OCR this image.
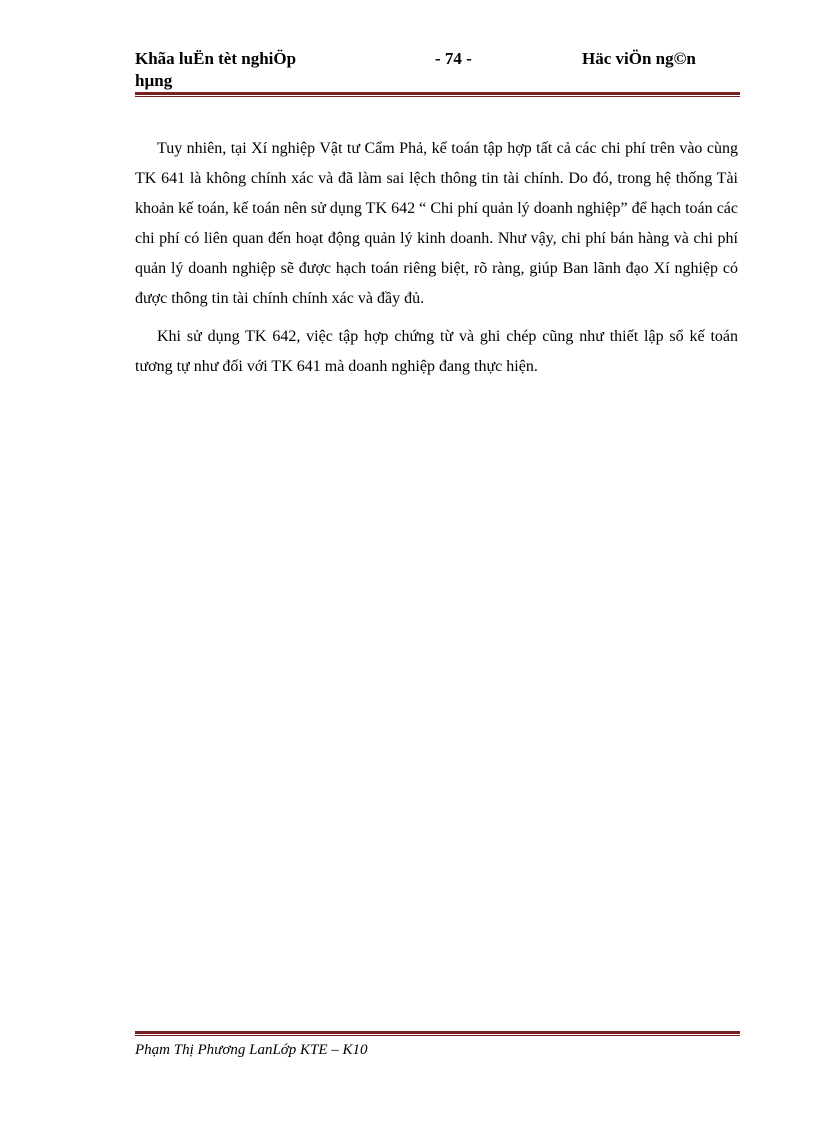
Khãa luËn tèt nghiÖp hµng
- 74 -	Häc viÖn ng©n

Tuy nhiên, tại Xí nghiệp Vật tư Cẩm Phả, kế toán tập hợp tất cả các chi phí trên vào cùng TK 641 là không chính xác và đã làm sai lệch thông tin tài chính. Do đó, trong hệ thống Tài khoản kế toán, kế toán nên sử dụng TK 642 “ Chi phí quản lý doanh nghiệp” để hạch toán các chi phí có liên quan đến hoạt động quản lý kinh doanh. Như vậy, chi phí bán hàng và chi phí quản lý doanh nghiệp sẽ được hạch toán riêng biệt, rõ ràng, giúp Ban lãnh đạo Xí nghiệp có được thông tin tài chính chính xác và đầy đủ.

Khi sử dụng TK 642, việc tập hợp chứng từ và ghi chép cũng như thiết lập sổ kế toán tương tự như đối với TK 641 mà doanh nghiệp đang thực hiện.

Phạm Thị Phương LanLớp KTE – K10
